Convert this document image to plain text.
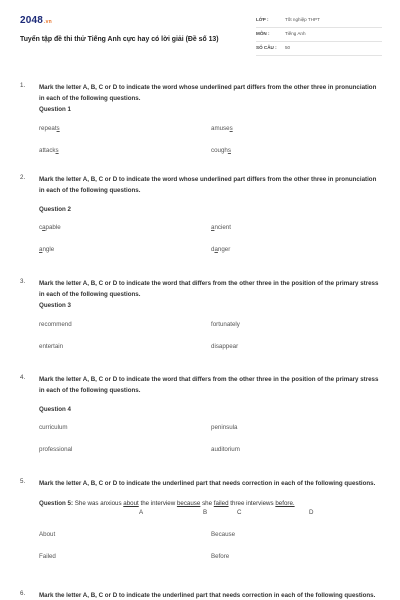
2048.vn
Tuyển tập đề thi thử Tiếng Anh cực hay có lời giải (Đề số 13)
LỚP :	Tốt nghiệp THPT
MÔN :	Tiếng Anh
SỐ CÂU : 50
1. Mark the letter A, B, C or D to indicate the word whose underlined part differs from the other three in pronunciation in each of the following questions.
Question 1
repeats	amuses
attacks	coughs
2. Mark the letter A, B, C or D to indicate the word whose underlined part differs from the other three in pronunciation in each of the following questions.
Question 2
capable	ancient
angle	danger
3. Mark the letter A, B, C or D to indicate the word that differs from the other three in the position of the primary stress in each of the following questions.
Question 3
recommend	fortunately
entertain	disappear
4. Mark the letter A, B, C or D to indicate the word that differs from the other three in the position of the primary stress in each of the following questions.
Question 4
curriculum	peninsula
professional	auditorium
5. Mark the letter A, B, C or D to indicate the underlined part that needs correction in each of the following questions.
Question 5: She was anxious about the interview because she failed three interviews before.
A	B	C	D
About	Because
Failed	Before
6. Mark the letter A, B, C or D to indicate the underlined part that needs correction in each of the following questions.
